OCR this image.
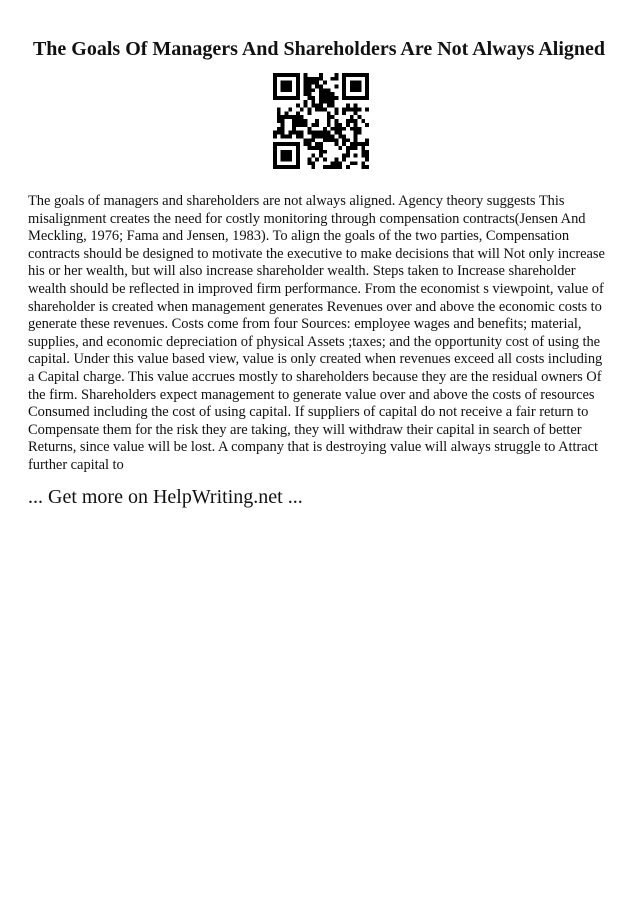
The Goals Of Managers And Shareholders Are Not Always Aligned

The goals of managers and shareholders are not always aligned. Agency theory suggests This misalignment creates the need for costly monitoring through compensation contracts(Jensen And Meckling, 1976; Fama and Jensen, 1983). To align the goals of the two parties, Compensation contracts should be designed to motivate the executive to make decisions that will Not only increase his or her wealth, but will also increase shareholder wealth. Steps taken to Increase shareholder wealth should be reflected in improved firm performance. From the economist s viewpoint, value of shareholder is created when management generates Revenues over and above the economic costs to generate these revenues. Costs come from four Sources: employee wages and benefits; material, supplies, and economic depreciation of physical Assets ;taxes; and the opportunity cost of using the capital. Under this value based view, value is only created when revenues exceed all costs including a Capital charge. This value accrues mostly to shareholders because they are the residual owners Of the firm. Shareholders expect management to generate value over and above the costs of resources Consumed including the cost of using capital. If suppliers of capital do not receive a fair return to Compensate them for the risk they are taking, they will withdraw their capital in search of better Returns, since value will be lost. A company that is destroying value will always struggle to Attract further capital to

... Get more on HelpWriting.net ...
